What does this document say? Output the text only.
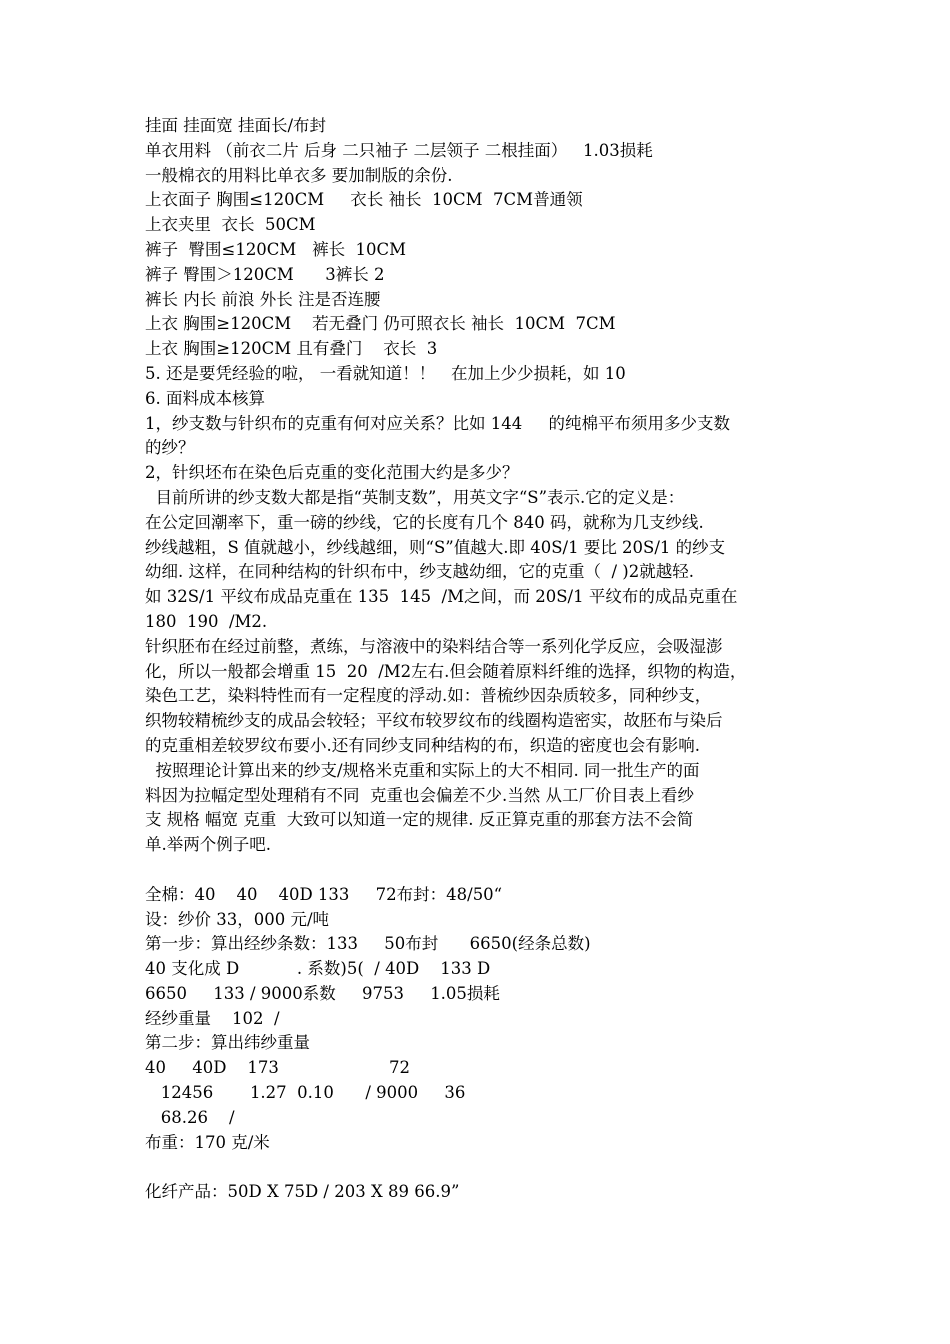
挂面 挂面宽 挂面长/布封
单衣用料 （前衣二片 后身 二只袖子 二层领子 二根挂面）   1.03损耗
一般棉衣的用料比单衣多 要加制版的余份.
上衣面子 胸围≤120CM     衣长 袖长  10CM  7CM普通领
上衣夹里  衣长  50CM
裤子  臀围≤120CM   裤长  10CM
裤子 臀围＞120CM      3裤长 2
裤长 内长 前浪 外长 注是否连腰
上衣 胸围≥120CM    若无叠门 仍可照衣长 袖长  10CM  7CM
上衣 胸围≥120CM 且有叠门    衣长  3
5. 还是要凭经验的啦， 一看就知道！！   在加上少少损耗，如 10
6. 面料成本核算
1，纱支数与针织布的克重有何对应关系？比如 144     的纯棉平布须用多少支数
的纱？
2，针织坯布在染色后克重的变化范围大约是多少？
目前所讲的纱支数大都是指“英制支数”，用英文字“S”表示.它的定义是：
在公定回潮率下，重一磅的纱线，它的长度有几个 840 码，就称为几支纱线.
纱线越粗，S 值就越小，纱线越细，则“S”值越大.即 40S/1 要比 20S/1 的纱支
幼细. 这样，在同种结构的针织布中，纱支越幼细，它的克重（  / )2就越轻.
如 32S/1 平纹布成品克重在 135  145  /M之间，而 20S/1 平纹布的成品克重在
180  190  /M2.
针织胚布在经过前整，煮练，与溶液中的染料结合等一系列化学反应，会吸湿澎
化，所以一般都会增重 15  20  /M2左右.但会随着原料纤维的选择，织物的构造，
染色工艺，染料特性而有一定程度的浮动.如：普梳纱因杂质较多，同种纱支，
织物较精梳纱支的成品会较轻；平纹布较罗纹布的线圈构造密实，故胚布与染后
的克重相差较罗纹布要小.还有同纱支同种结构的布，织造的密度也会有影响.
按照理论计算出来的纱支/规格米克重和实际上的大不相同. 同一批生产的面
料因为拉幅定型处理稍有不同  克重也会偏差不少.当然 从工厂价目表上看纱
支 规格 幅宽 克重  大致可以知道一定的规律. 反正算克重的那套方法不会简
单.举两个例子吧.
全棉：40    40    40D 133     72布封：48/50“
设：纱价 33，000 元/吨
第一步：算出经纱条数：133     50布封      6650(经条总数)
40 支化成 D           . 系数)5(  / 40D    133 D
6650     133 / 9000系数     9753     1.05损耗
经纱重量    102  /
第二步：算出纬纱重量
40     40D    173                     72
12456       1.27  0.10      / 9000     36
68.26    /
布重：170 克/米
化纤产品：50D X 75D / 203 X 89 66.9”
